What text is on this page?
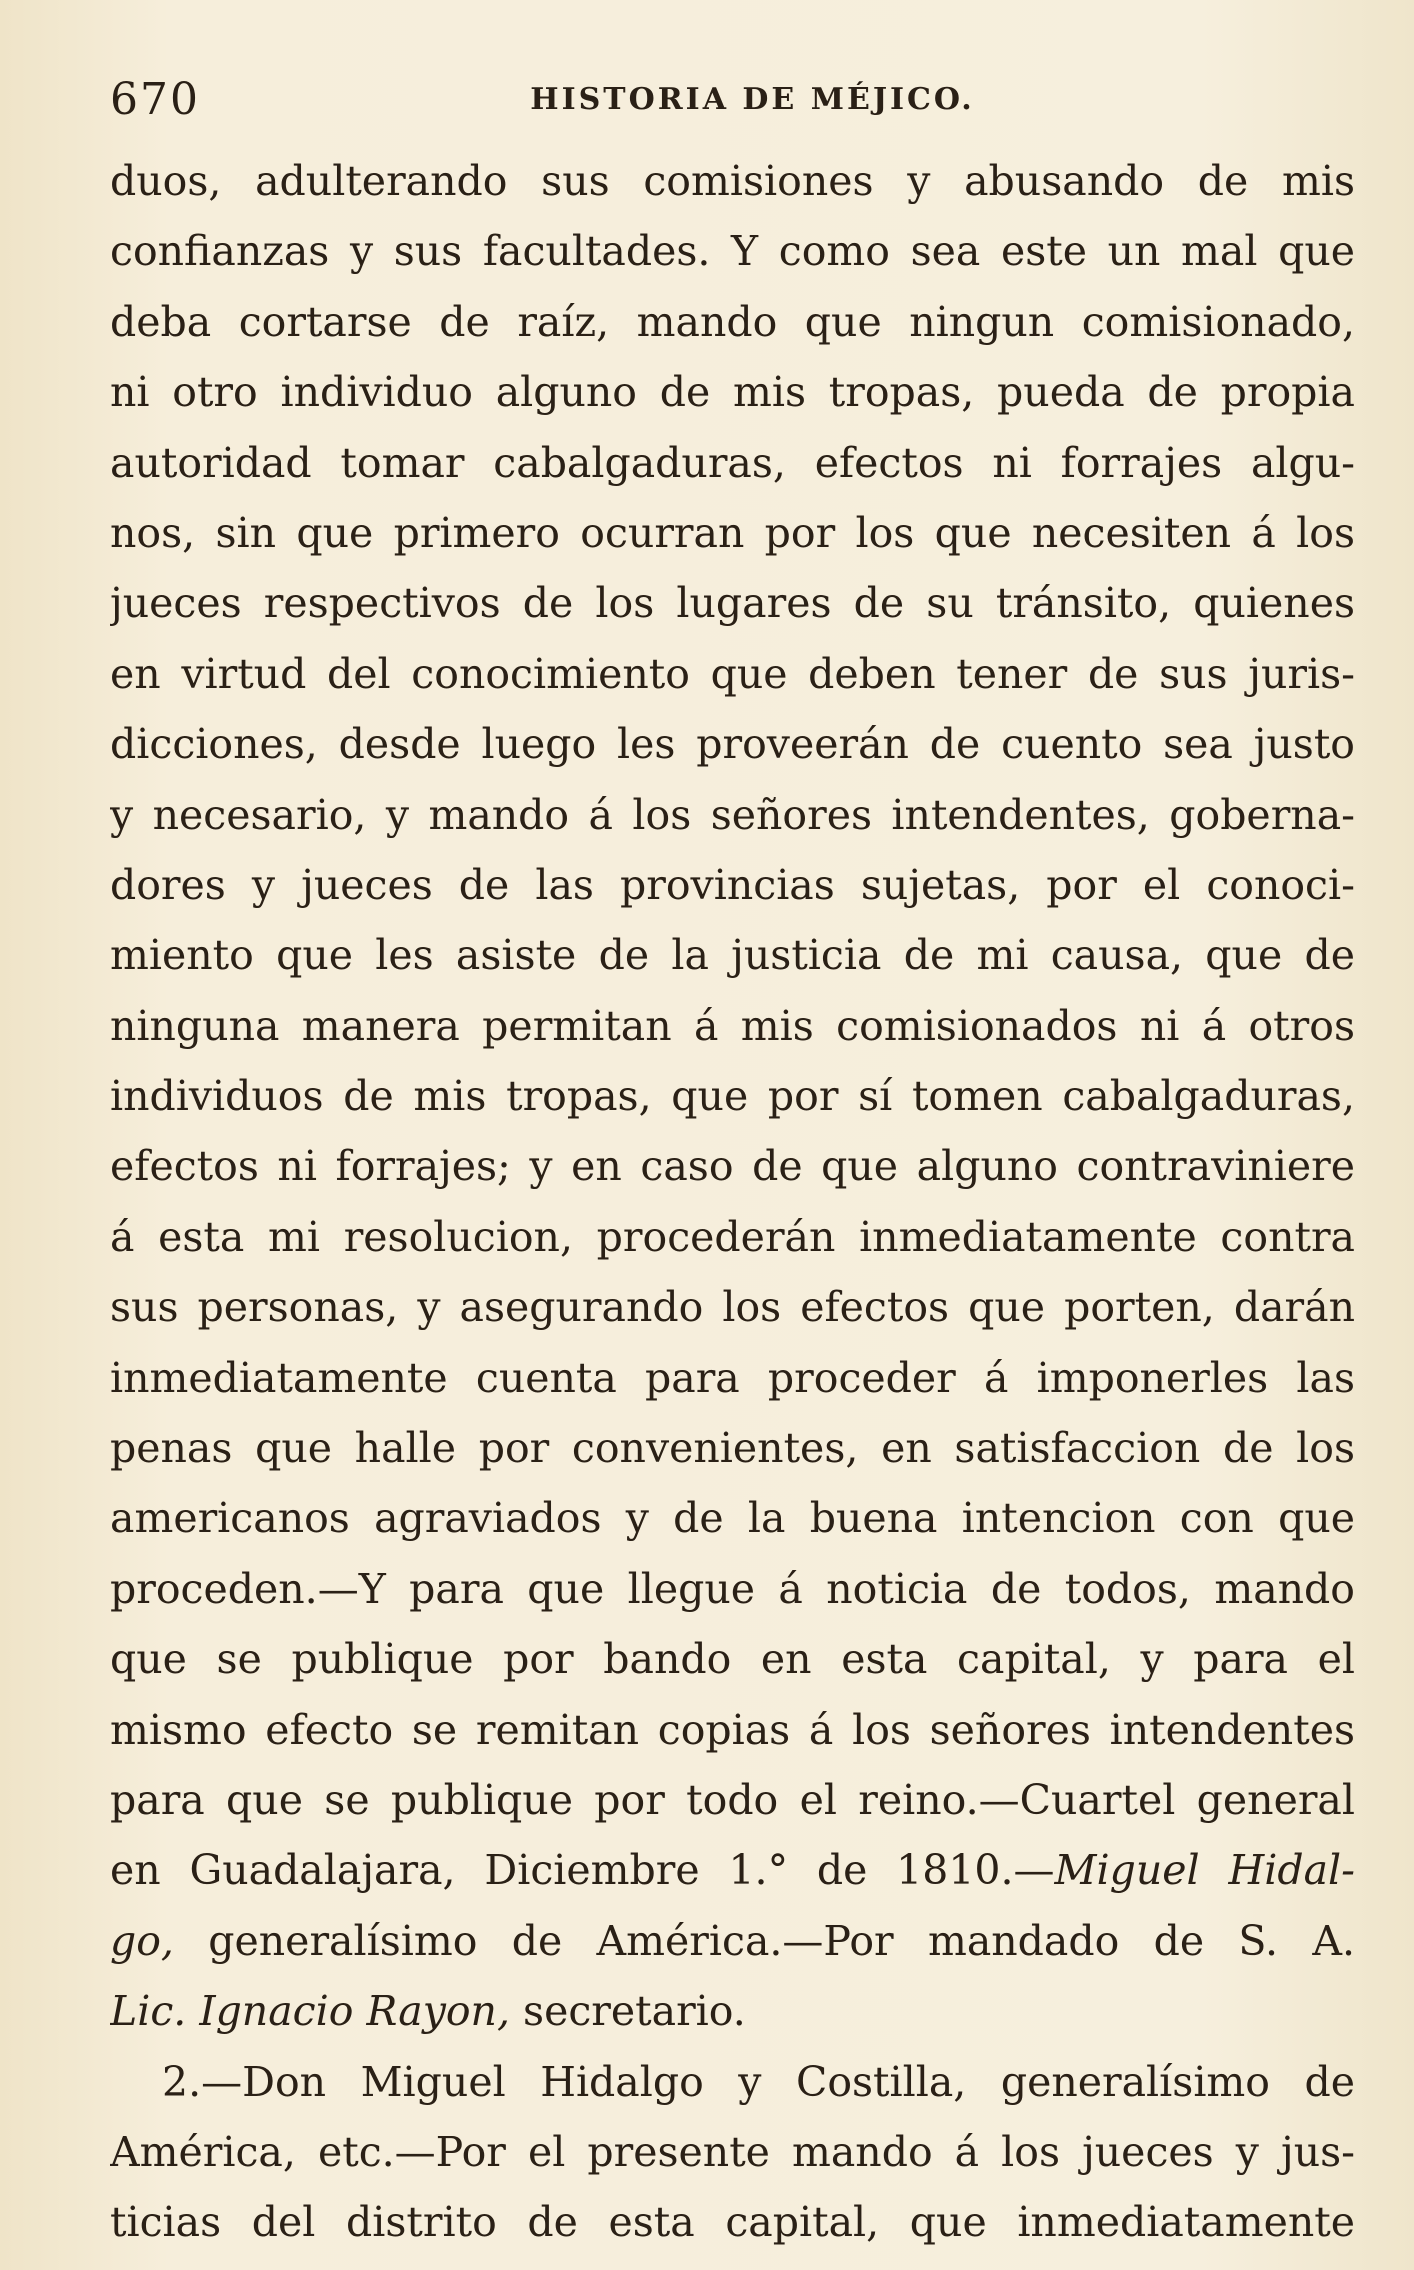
670	HISTORIA DE MÉJICO.
duos, adulterando sus comisiones y abusando de mis
confianzas y sus facultades. Y como sea este un mal que
deba cortarse de raíz, mando que ningun comisionado,
ni otro individuo alguno de mis tropas, pueda de propia
autoridad tomar cabalgaduras, efectos ni forrajes algu-
nos, sin que primero ocurran por los que necesiten á los
jueces respectivos de los lugares de su tránsito, quienes
en virtud del conocimiento que deben tener de sus juris-
dicciones, desde luego les proveerán de cuento sea justo
y necesario, y mando á los señores intendentes, goberna-
dores y jueces de las provincias sujetas, por el conoci-
miento que les asiste de la justicia de mi causa, que de
ninguna manera permitan á mis comisionados ni á otros
individuos de mis tropas, que por sí tomen cabalgaduras,
efectos ni forrajes; y en caso de que alguno contraviniere
á esta mi resolucion, procederán inmediatamente contra
sus personas, y asegurando los efectos que porten, darán
inmediatamente cuenta para proceder á imponerles las
penas que halle por convenientes, en satisfaccion de los
americanos agraviados y de la buena intencion con que
proceden.—Y para que llegue á noticia de todos, mando
que se publique por bando en esta capital, y para el
mismo efecto se remitan copias á los señores intendentes
para que se publique por todo el reino.—Cuartel general
en Guadalajara, Diciembre 1.° de 1810.—Miguel Hidal-
go, generalísimo de América.—Por mandado de S. A.
Lic. Ignacio Rayon, secretario.
2.—Don Miguel Hidalgo y Costilla, generalísimo de
América, etc.—Por el presente mando á los jueces y jus-
ticias del distrito de esta capital, que inmediatamente
